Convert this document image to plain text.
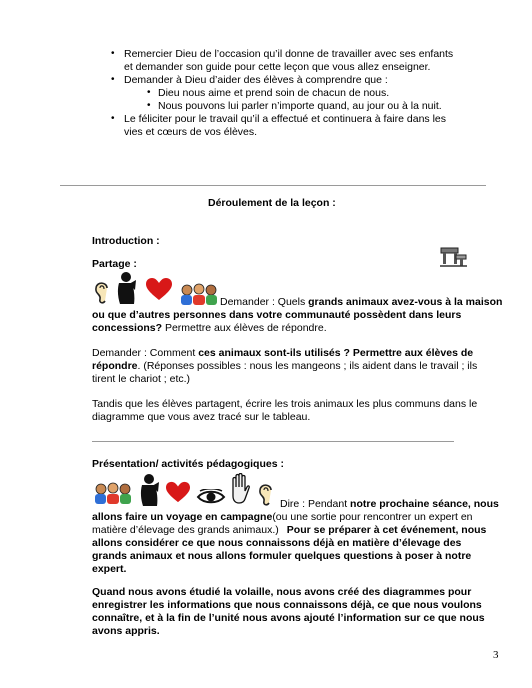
• Remercier Dieu de l’occasion qu’il donne de travailler avec ses enfants
et demander son guide pour cette leçon que vous allez enseigner.
• Demander à Dieu d’aider des élèves à comprendre que :
• Dieu nous aime et prend soin de chacun de nous.
• Nous pouvons lui parler n’importe quand, au jour ou à la nuit.
• Le féliciter pour le travail qu’il a effectué et continuera à faire dans les
vies et cœurs de vos élèves.
Déroulement de la leçon :
Introduction :
Partage :
Demander : Quels grands animaux avez-vous à la maison
ou que d’autres personnes dans votre communauté possèdent dans leurs
concessions? Permettre aux élèves de répondre.
Demander : Comment ces animaux sont-ils utilisés ? Permettre aux élèves de
répondre. (Réponses possibles : nous les mangeons ; ils aident dans le travail ; ils
tirent le chariot ; etc.)
Tandis que les élèves partagent, écrire les trois animaux les plus communs dans le
diagramme que vous avez tracé sur le tableau.
Présentation/ activités pédagogiques :
Dire : Pendant notre prochaine séance, nous
allons faire un voyage en campagne(ou une sortie pour rencontrer un expert en
matière d’élevage des grands animaux.) Pour se préparer à cet événement, nous
allons considérer ce que nous connaissons déjà en matière d’élevage des
grands animaux et nous allons formuler quelques questions à poser à notre
expert.
Quand nous avons étudié la volaille, nous avons créé des diagrammes pour
enregistrer les informations que nous connaissons déjà, ce que nous voulons
connaître, et à la fin de l’unité nous avons ajouté l’information sur ce que nous
avons appris.
3
